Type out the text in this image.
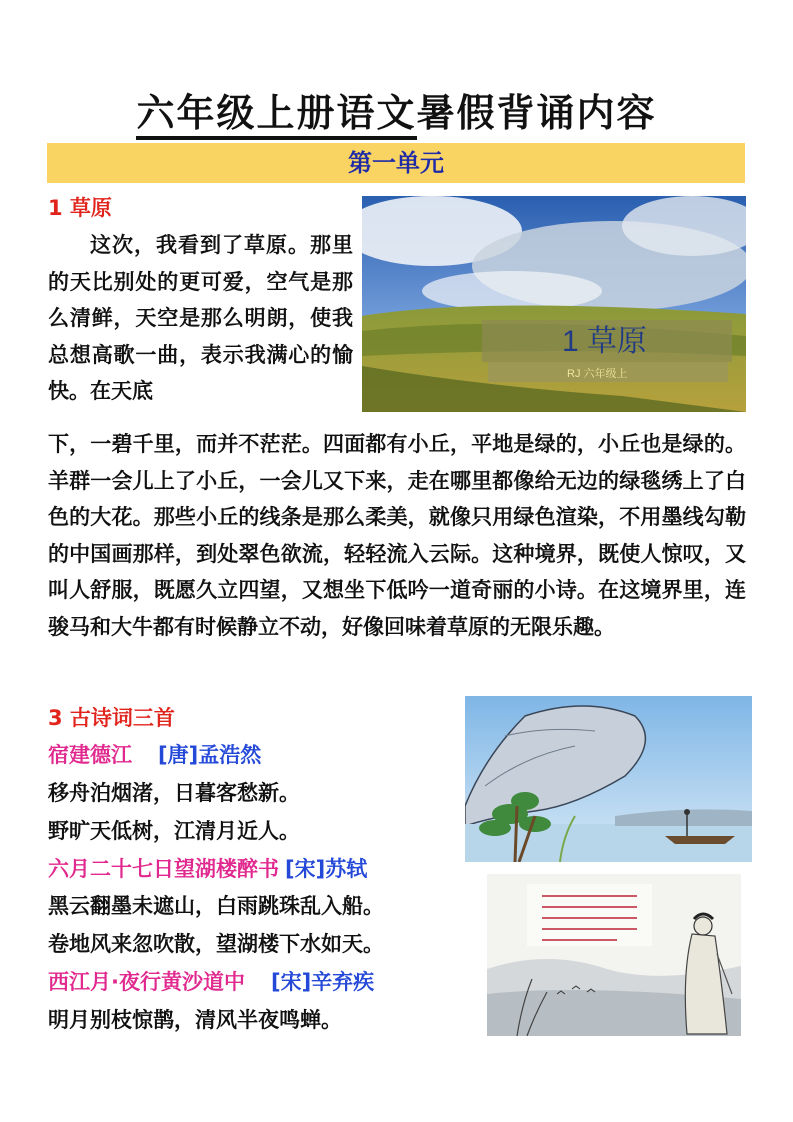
六年级上册语文暑假背诵内容
第一单元
1 草原
这次，我看到了草原。那里的天比别处的更可爱，空气是那么清鲜，天空是那么明朗，使我总想高歌一曲，表示我满心的愉快。在天底
1 草原
RJ 六年级上
下，一碧千里，而并不茫茫。四面都有小丘，平地是绿的，小丘也是绿的。羊群一会儿上了小丘，一会儿又下来，走在哪里都像给无边的绿毯绣上了白色的大花。那些小丘的线条是那么柔美，就像只用绿色渲染，不用墨线勾勒的中国画那样，到处翠色欲流，轻轻流入云际。这种境界，既使人惊叹，又叫人舒服，既愿久立四望，又想坐下低吟一道奇丽的小诗。在这境界里，连骏马和大牛都有时候静立不动，好像回味着草原的无限乐趣。
3 古诗词三首
宿建德江 [唐]孟浩然
移舟泊烟渚，日暮客愁新。
野旷天低树，江清月近人。
六月二十七日望湖楼醉书 [宋]苏轼
黑云翻墨未遮山，白雨跳珠乱入船。
卷地风来忽吹散，望湖楼下水如天。
西江月·夜行黄沙道中 [宋]辛弃疾
明月别枝惊鹊，清风半夜鸣蝉。
